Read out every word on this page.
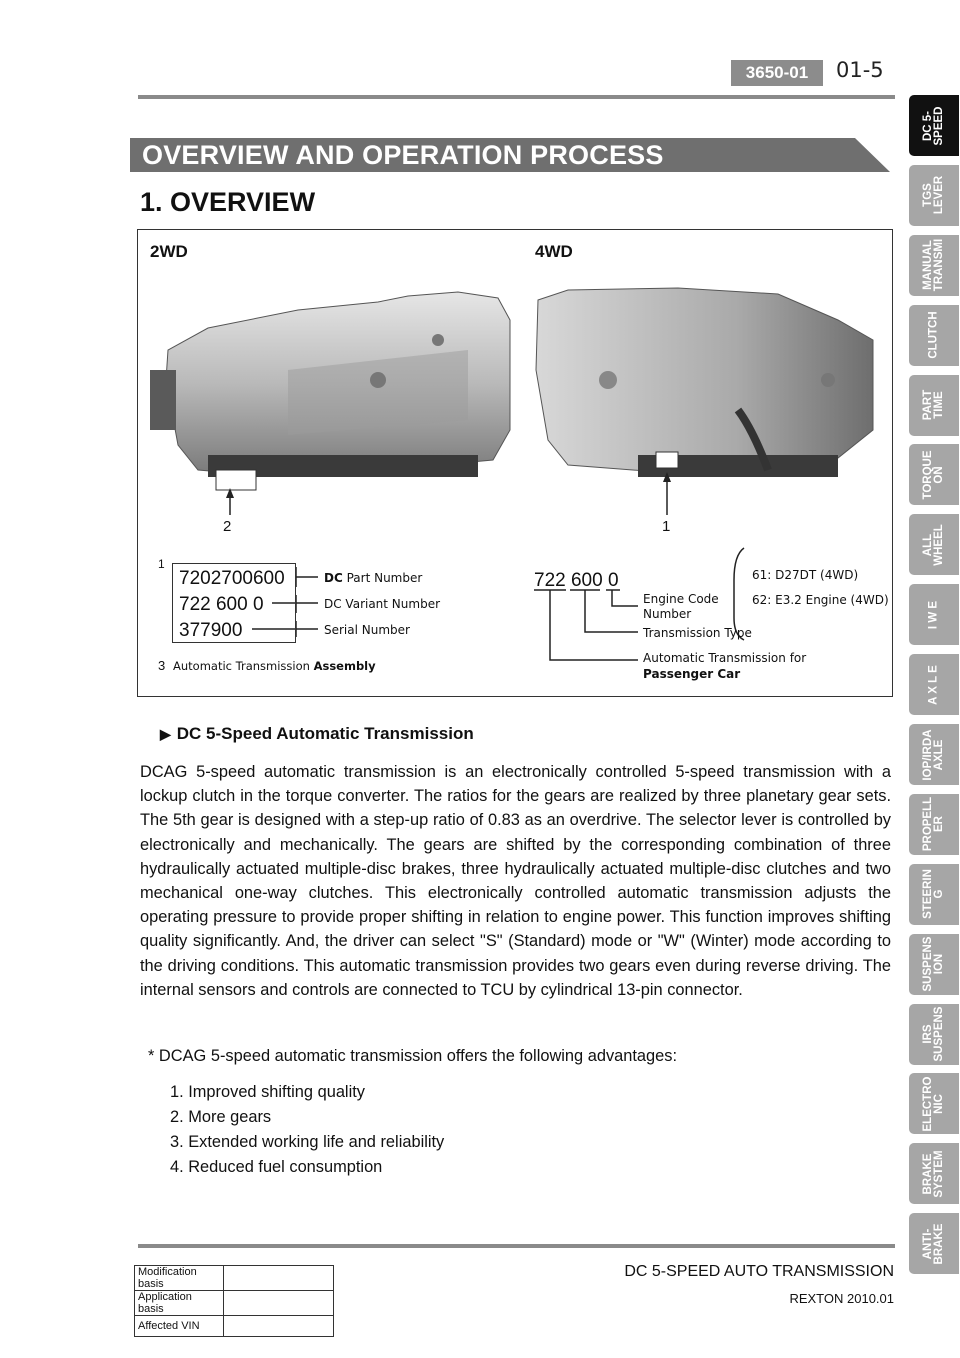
3650-01	01-5
OVERVIEW AND OPERATION PROCESS
1. OVERVIEW
2WD	4WD
2	1
1
7202700600
722 600 0
377900
DC Part Number
DC Variant Number
Serial Number
3 Automatic Transmission Assembly
722 600 0
Engine Code Number
Transmission Type
Automatic Transmission for
Passenger Car
61: D27DT (4WD)
62: E3.2 Engine (4WD)
▶ DC 5-Speed Automatic Transmission

DCAG 5-speed automatic transmission is an electronically controlled 5-speed transmission with a lockup clutch in the torque converter. The ratios for the gears are realized by three planetary gear sets. The 5th gear is designed with a step-up ratio of 0.83 as an overdrive. The selector lever is controlled by electronically and mechanically. The gears are shifted by the corresponding combination of three hydraulically actuated multiple-disc brakes, three hydraulically actuated multiple-disc clutches and two mechanical one-way clutches. This electronically controlled automatic transmission adjusts the operating pressure to provide proper shifting in relation to engine power. This function improves shifting quality significantly. And, the driver can select "S" (Standard) mode or "W" (Winter) mode according to the driving conditions. This automatic transmission provides two gears even during reverse driving. The internal sensors and controls are connected to TCU by cylindrical 13-pin connector.

* DCAG 5-speed automatic transmission offers the following advantages:
1. Improved shifting quality
2. More gears
3. Extended working life and reliability
4. Reduced fuel consumption
Modification basis	
Application basis	
Affected VIN	
DC 5-SPEED AUTO TRANSMISSION
REXTON 2010.01
DC 5-
SPEED
TGS
LEVER
MANUAL
TRANSMI
CLUTCH
PART
TIME
TORQUE
ON
ALL
WHEEL
I W E
A X L E
IOP/IRDA
AXLE
PROPELL
ER
STEERIN
G
SUSPENS
ION
IRS
SUSPENS
ELECTRO
NIC
BRAKE
SYSTEM
ANTI-
BRAKE
